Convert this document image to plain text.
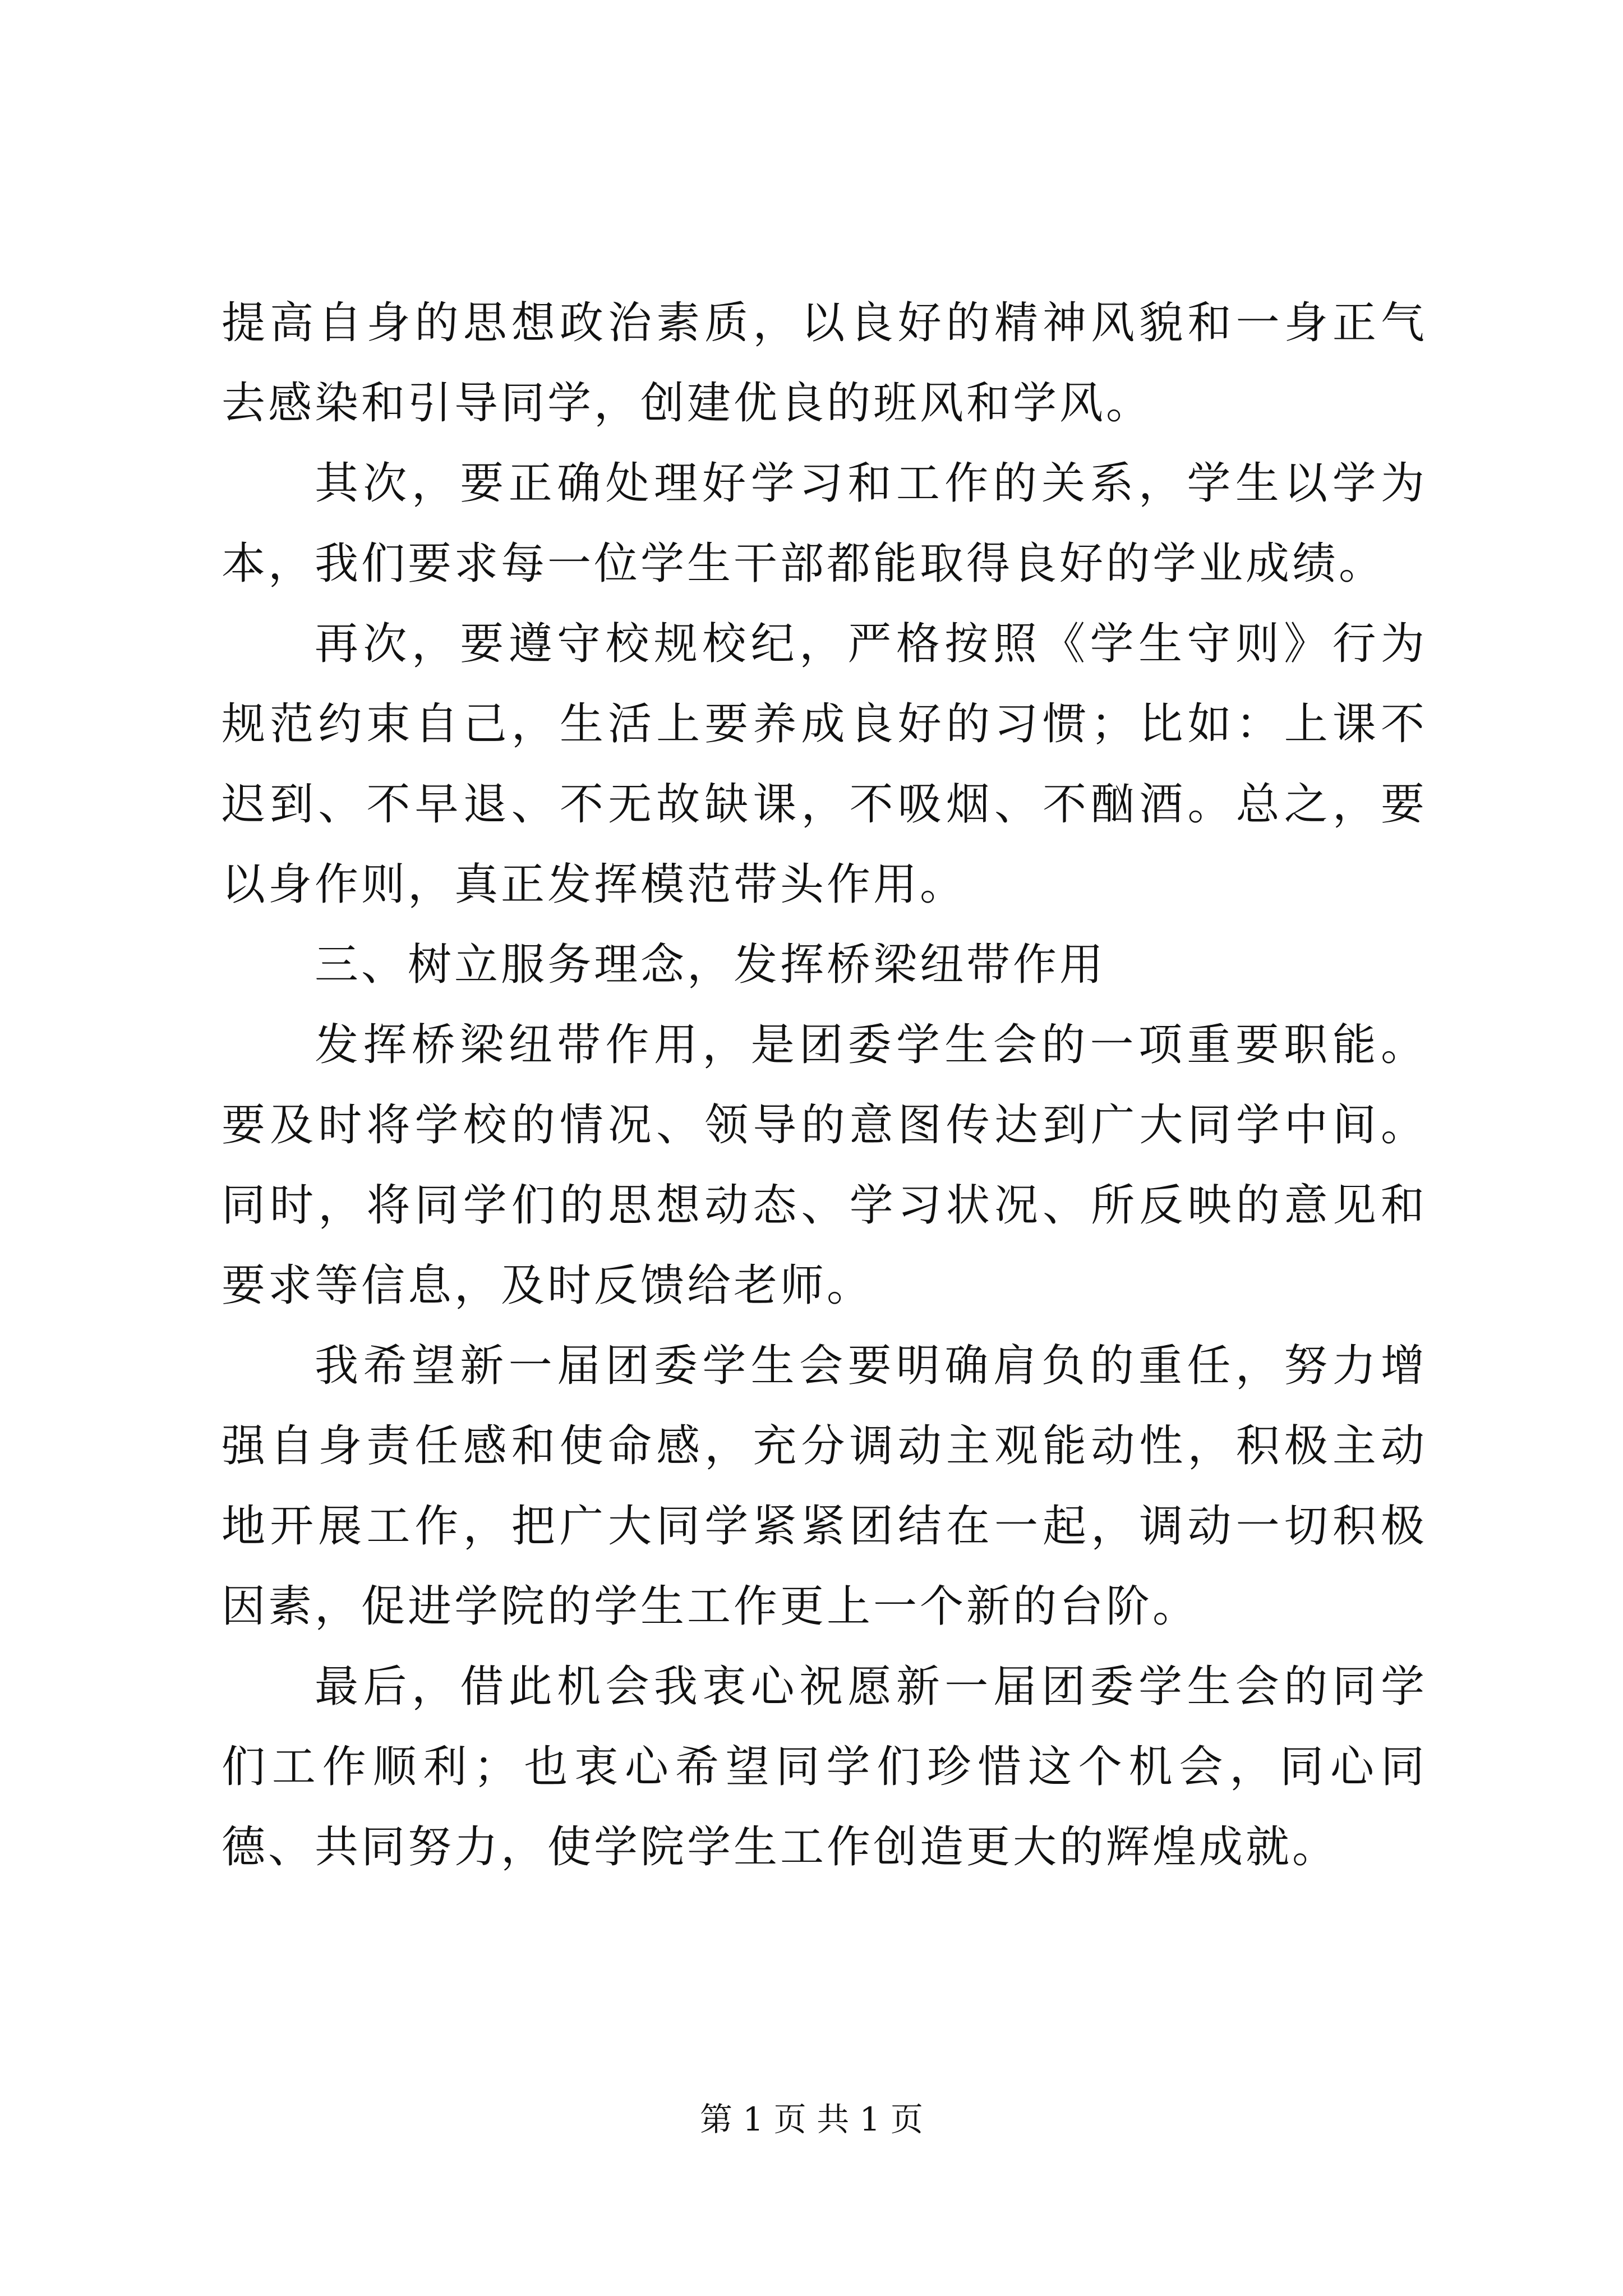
提高自身的思想政治素质，以良好的精神风貌和一身正气去感染和引导同学，创建优良的班风和学风。

其次，要正确处理好学习和工作的关系，学生以学为本，我们要求每一位学生干部都能取得良好的学业成绩。

再次，要遵守校规校纪，严格按照《学生守则》行为规范约束自己，生活上要养成良好的习惯；比如：上课不迟到、不早退、不无故缺课，不吸烟、不酗酒。总之，要以身作则，真正发挥模范带头作用。

三、树立服务理念，发挥桥梁纽带作用

发挥桥梁纽带作用，是团委学生会的一项重要职能。要及时将学校的情况、领导的意图传达到广大同学中间。同时，将同学们的思想动态、学习状况、所反映的意见和要求等信息，及时反馈给老师。

我希望新一届团委学生会要明确肩负的重任，努力增强自身责任感和使命感，充分调动主观能动性，积极主动地开展工作，把广大同学紧紧团结在一起，调动一切积极因素，促进学院的学生工作更上一个新的台阶。

最后，借此机会我衷心祝愿新一届团委学生会的同学们工作顺利；也衷心希望同学们珍惜这个机会，同心同德、共同努力，使学院学生工作创造更大的辉煌成就。

第 1 页 共 1 页
